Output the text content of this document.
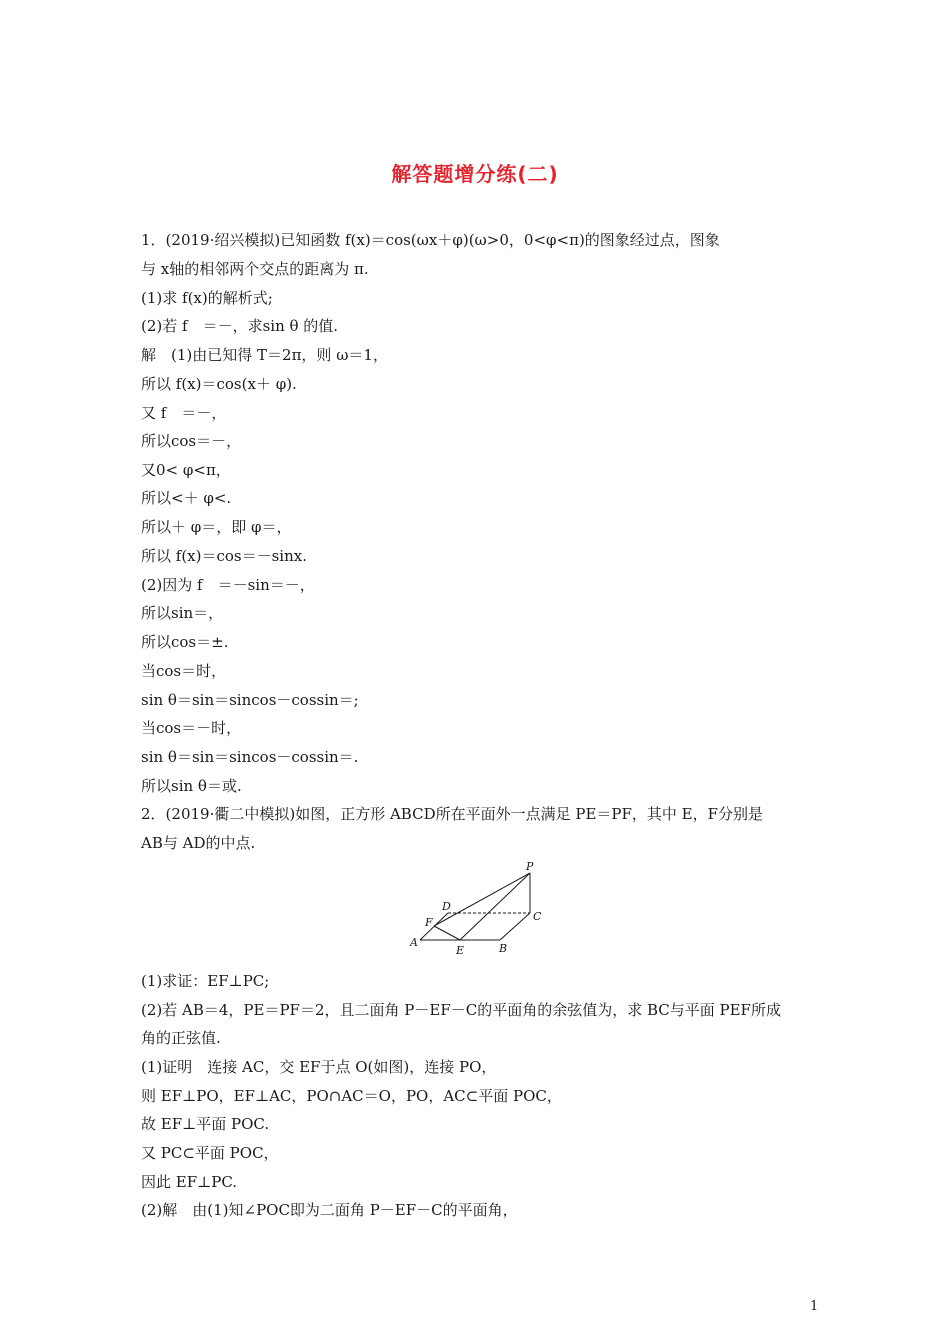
解答题增分练(二)
1．(2019·绍兴模拟)已知函数 f(x)＝cos(ωx＋φ)(ω>0，0<φ<π)的图象经过点，图象
与 x轴的相邻两个交点的距离为 π.
(1)求 f(x)的解析式;
(2)若 f　＝－，求sin θ 的值.
解　(1)由已知得 T＝2π，则 ω＝1，
所以 f(x)＝cos(x＋ φ).
又 f　＝－，
所以cos＝－，
又0< φ<π，
所以<＋ φ<.
所以＋ φ＝，即 φ＝，
所以 f(x)＝cos＝－sinx.
(2)因为 f　＝－sin＝－，
所以sin＝，
所以cos＝±.
当cos＝时，
sin θ＝sin＝sincos－cossin＝;
当cos＝－时，
sin θ＝sin＝sincos－cossin＝.
所以sin θ＝或.
2．(2019·衢二中模拟)如图，正方形 ABCD所在平面外一点满足 PE＝PF，其中 E，F分别是
AB与 AD的中点.
P
D
C
F
A
E	B
(1)求证：EF⊥PC;
(2)若 AB＝4，PE＝PF＝2，且二面角 P－EF－C的平面角的余弦值为，求 BC与平面 PEF所成
角的正弦值.
(1)证明　连接 AC，交 EF于点 O(如图)，连接 PO，
则 EF⊥PO，EF⊥AC，PO∩AC＝O，PO，AC⊂平面 POC，
故 EF⊥平面 POC.
又 PC⊂平面 POC，
因此 EF⊥PC.
(2)解　由(1)知∠POC即为二面角 P－EF－C的平面角，
1
